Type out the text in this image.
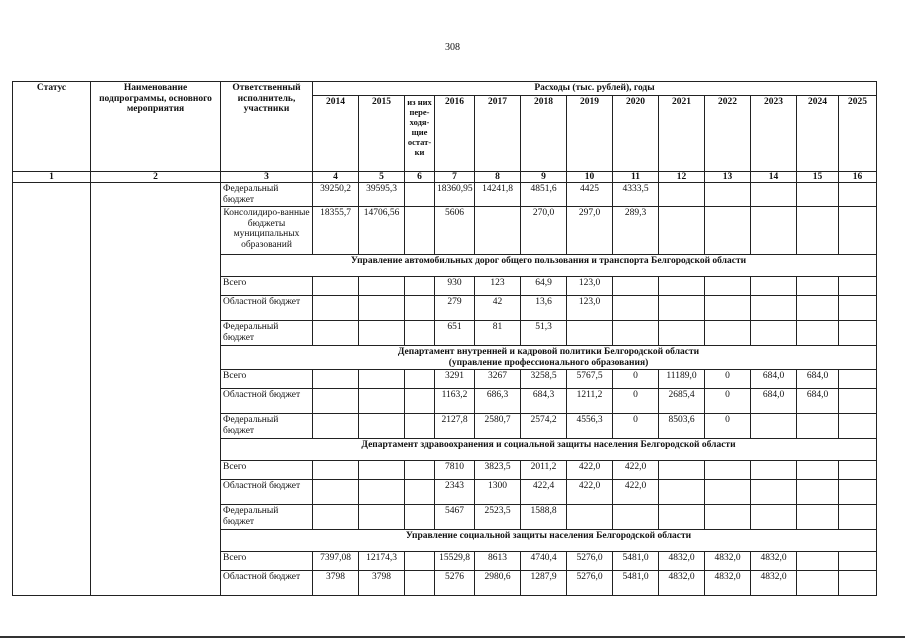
308
Статус	Наименование подпрограммы, основного мероприятия	Ответственный исполнитель, участники	Расходы (тыс. рублей), годы												
			2014	2015	из них пере-ходя-щие остат-ки	2016	2017	2018	2019	2020	2021	2022	2023	2024	2025
1	2	3	4	5	6	7	8	9	10	11	12	13	14	15	16
		Федеральный бюджет	39250,2	39595,3		18360,95	14241,8	4851,6	4425	4333,5					
		Консолидиро-ванные бюджеты муниципальных образований	18355,7	14706,56		5606		270,0	297,0	289,3					

		Управление автомобильных дорог общего пользования и транспорта Белгородской области													

		Всего				930	123	64,9	123,0						
		Областной бюджет				279	42	13,6	123,0						
		Федеральный бюджет				651	81	51,3							

		Департамент внутренней и кадровой политики Белгородской области
(управление профессионального образования)													

		Всего				3291	3267	3258,5	5767,5	0	11189,0	0	684,0	684,0	
		Областной бюджет				1163,2	686,3	684,3	1211,2	0	2685,4	0	684,0	684,0	
		Федеральный бюджет				2127,8	2580,7	2574,2	4556,3	0	8503,6	0			

		Департамент здравоохранения и социальной защиты населения Белгородской области													

		Всего				7810	3823,5	2011,2	422,0	422,0					
		Областной бюджет				2343	1300	422,4	422,0	422,0					
		Федеральный бюджет				5467	2523,5	1588,8							

		Управление социальной защиты населения Белгородской области													

		Всего	7397,08	12174,3		15529,8	8613	4740,4	5276,0	5481,0	4832,0	4832,0	4832,0		
		Областной бюджет	3798	3798		5276	2980,6	1287,9	5276,0	5481,0	4832,0	4832,0	4832,0		
